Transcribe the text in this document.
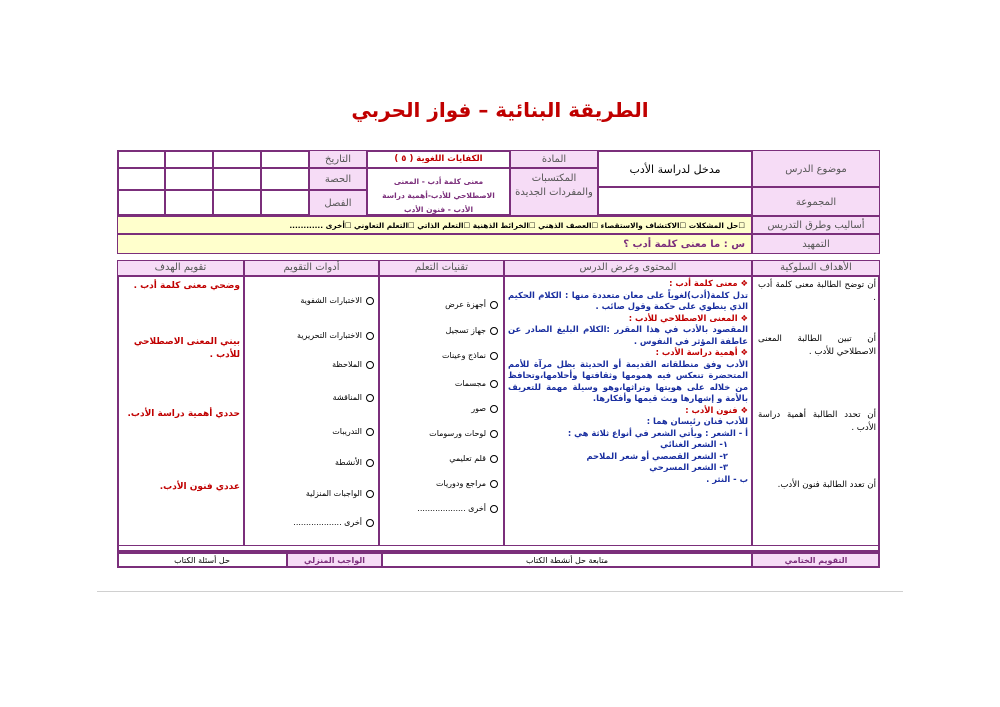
الطريقة البنائية – فواز الحربي
موضوع الدرس
مدخل لدراسة الأدب
المجموعة
المادة
المكتسبات والمفردات الجديدة
الكفايات اللغوية ( ٥ )
معنى كلمة أدب - المعنى الاصطلاحي للأدب-أهمية دراسة الأدب - فنون الأدب
التاريخ
الحصة
الفصل
أساليب وطرق التدريس
☐حل المشكلات ☐الاكتشاف والاستقصاء ☐العصف الذهني ☐الخرائط الذهنية ☐التعلم الذاتي ☐التعلم التعاوني ☐أخرى ............
التمهيد
س : ما معنى كلمة أدب ؟
الأهداف السلوكية
المحتوى وعرض الدرس
تقنيات التعلم
أدوات التقويم
تقويم الهدف
أن توضح الطالبة معنى كلمة أدب .
أن تبين الطالبة المعنى الاصطلاحي للأدب .
أن تحدد الطالبة أهمية دراسة الأدب .
أن تعدد الطالبة فنون الأدب.
❖ معنى كلمة أدب :
تدل كلمة(أدب)لغوياً على معان متعددة منها : الكلام الحكيم الذي ينطوي على حكمة وقول صائب .
❖ المعنى الاصطلاحي للأدب :
المقصود بالأدب في هذا المقرر :الكلام البليغ الصادر عن عاطفة المؤثر في النفوس .
❖ أهمية دراسة الأدب :
الأدب وفق منطلقاته القديمة أو الحديثة يظل مرآة للأمم المتحضرة تنعكس فيه همومها وثقافتها وأحلامها،وتحافظ من خلاله على هويتها وتراثها،وهو وسيلة مهمة للتعريف بالأمة و إشهارها وبث قيمها وأفكارها.
❖ فنون الأدب :
للأدب فنان رئيسان هما :
أ - الشعر : ويأتي الشعر في أنواع ثلاثة هي :
١- الشعر الغنائي
٢- الشعر القصصي أو شعر الملاحم
٣- الشعر المسرحي
ب - النثر .
أجهزة عرض
جهاز تسجيل
نماذج وعينات
مجسمات
صور
لوحات ورسومات
قلم تعليمي
مراجع ودوريات
أخرى ...................
الاختبارات الشفوية
الاختبارات التحريرية
الملاحظة
المناقشة
التدريبات
الأنشطة
الواجبات المنزلية
أخرى ...................
وضحي معنى كلمة أدب .
بيني المعنى الاصطلاحي للأدب .
حددي أهمية دراسة الأدب.
عددي فنون الأدب.
التقويم الختامي
متابعة حل أنشطة الكتاب
الواجب المنزلي
حل أسئلة الكتاب
